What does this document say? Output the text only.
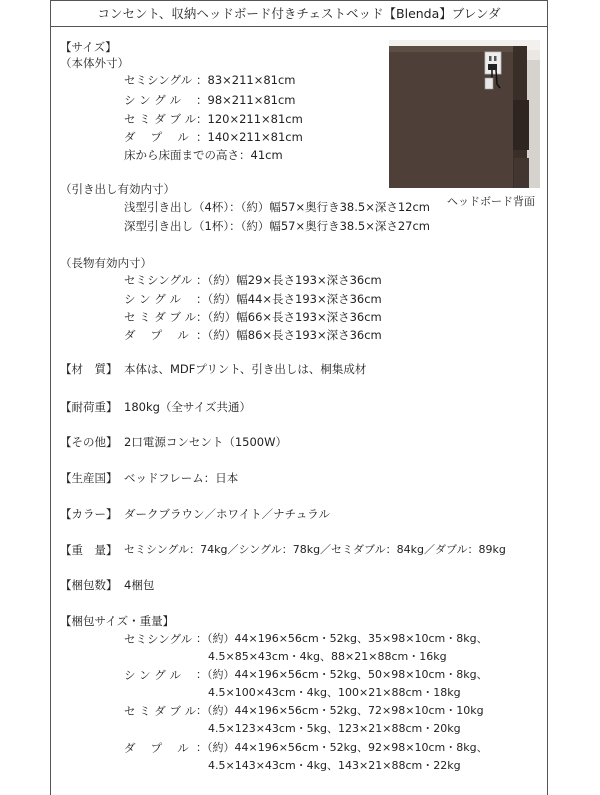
コンセント、収納ヘッドボード付きチェストベッド【Blenda】ブレンダ
【サイズ】
（本体外寸）
セミシングル ：83×211×81cm
シ ン グ ル ：98×211×81cm
セ ミ ダ ブ ル ：120×211×81cm
ダ　 プ　 ル ：140×211×81cm
床から床面までの高さ：41cm
（引き出し有効内寸）
浅型引き出し（4杯）：（約）幅57×奥行き38.5×深さ12cm
深型引き出し（1杯）：（約）幅57×奥行き38.5×深さ27cm
（長物有効内寸）
セミシングル ：（約）幅29×長さ193×深さ36cm
シ ン グ ル ：（約）幅44×長さ193×深さ36cm
セ ミ ダ ブ ル ：（約）幅66×長さ193×深さ36cm
ダ　 プ　 ル ：（約）幅86×長さ193×深さ36cm
【材　質】 本体は、MDFプリント、引き出しは、桐集成材
【耐荷重】 180kg（全サイズ共通）
【その他】 2口電源コンセント（1500W）
【生産国】 ベッドフレーム：日本
【カラー】 ダークブラウン／ホワイト／ナチュラル
【重　量】 セミシングル：74kg／シングル：78kg／セミダブル：84kg／ダブル：89kg
【梱包数】 4梱包
【梱包サイズ・重量】
セミシングル ：（約）44×196×56cm・52kg、35×98×10cm・8kg、
4.5×85×43cm・4kg、88×21×88cm・16kg
シ ン グ ル ：（約）44×196×56cm・52kg、50×98×10cm・8kg、
4.5×100×43cm・4kg、100×21×88cm・18kg
セ ミ ダ ブ ル ：（約）44×196×56cm・52kg、72×98×10cm・10kg
4.5×123×43cm・5kg、123×21×88cm・20kg
ダ　 プ　 ル ：（約）44×196×56cm・52kg、92×98×10cm・8kg、
4.5×143×43cm・4kg、143×21×88cm・22kg
ヘッドボード背面
